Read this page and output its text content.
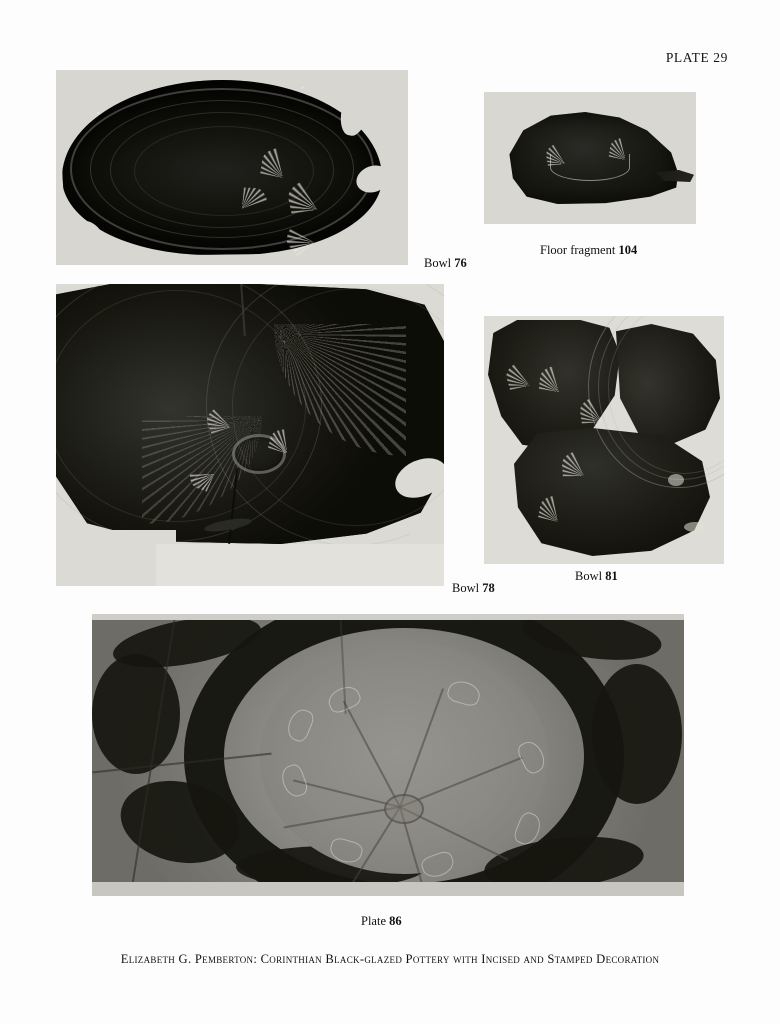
PLATE 29
Bowl 76
Floor fragment 104
Bowl 78
Bowl 81
Plate 86
Elizabeth G. Pemberton: Corinthian Black-glazed Pottery with Incised and Stamped Decoration
